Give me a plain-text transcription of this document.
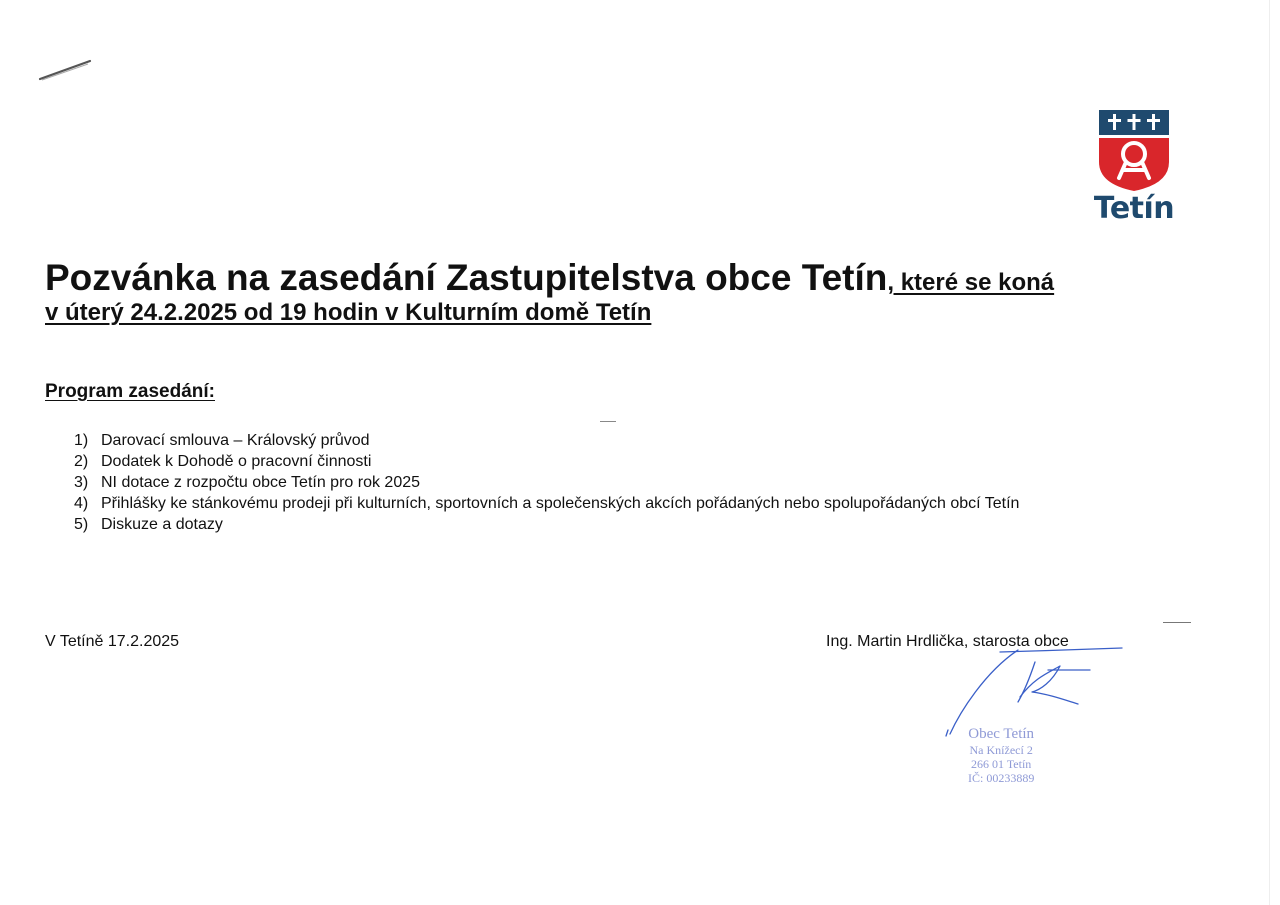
Tetín
Pozvánka na zasedání Zastupitelstva obce Tetín, které se koná
v úterý 24.2.2025 od 19 hodin v Kulturním domě Tetín
Program zasedání:
1) Darovací smlouva – Královský průvod
2) Dodatek k Dohodě o pracovní činnosti
3) NI dotace z rozpočtu obce Tetín pro rok 2025
4) Přihlášky ke stánkovému prodeji při kulturních, sportovních a společenských akcích pořádaných nebo spolupořádaných obcí Tetín
5) Diskuze a dotazy
V Tetíně 17.2.2025	Ing. Martin Hrdlička, starosta obce
Obec Tetín
Na Knížecí 2
266 01 Tetín
IČ: 00233889
